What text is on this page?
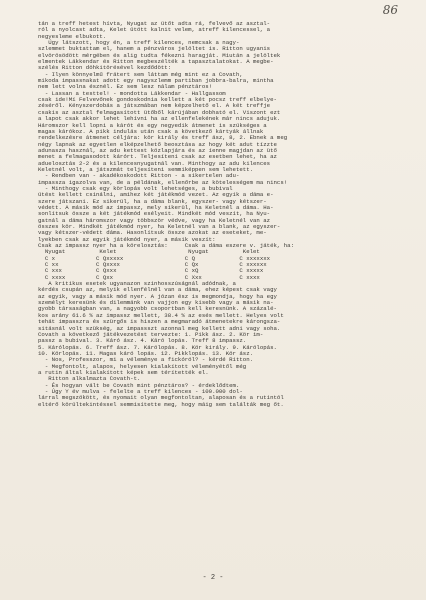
86
tán a treff hetest hívta, Nyugat az ütőt adta rá, felvevő az asztal-
ról a nyolcast adta, Kelet ütött kalnit velem, atreff kilencessel, a
negyesleme elbukott.
Úgy látszott, hogy én, a treff kilences, nemcsak a nagy-
szlemmet buktattam el, hanem a pénzváros jelöltet is. Ritton ugyanis
elvörösödött mérgében és alig tudta fékezni haragját. Miután a jelöltek
elmentek Lákkendar és Ritton megbeszélték a tapasztalatokat. A megbe-
szélés Ritton döhkitörésével kezdődött:
- Ilyen könnyelmű frátert sem láttam még mint ez a Covath,
mikoda impassnakat adott egy nagyszlemm partiban jobbra-balra, mintha
nem lett volna észnél. Ez sem lesz nálam pénztáros!
- Lassan a testtel! - mondotta Lákkendar - Hallgassom
csak ide!Mí Felvevőnek gondoskodnia kellett a két pocsz treff elbelye-
zéséről. Kényszerdobás a játszmában nem képzelhető el. A két treffje
csakis az asztal felmagasított ütőből kárújában dobható el. Viszont ezt
a lapot csak akkor lehet lehívni ha az ellenfelekének már nincs adujuk.
Háromszor kell lopni a kárót és egy negyedik átmenet is szükséges a
magas kárókoz. A pikk indulás után csak a következő kártyák állnak
rendelkezésre átmenet céljára: kör király és treff ász, 8, 2. Ebnek a meg
négy lapnak az egyetlen elképzelhető beosztása az hogy két adut tízzte
adunasza használ, az adu kettest közlapjára és az íenne magjdan az ütő
menet a felmagasodott kárórt. Teljesíteni csak az esetben lehet, ha az
aduelosztás 2-2 és a kilencesnyugatnál van. Minthogy az adu kilences
Keletnél volt, a játszmát teljesíteni semmiképpen sem lehetett.
- Rendben van - akadékoskodott Ritton - a sikertelen adu-
impassza igazolva van, de a példának, ellenőrbe az kötelességem ma nincs!
- Minthogy csak egy körlopás volt lehetséges, a bubival
ütést kellett csinálni, amihez két játékmód vezet. Az egyik a dáma e-
szere játszani. Ez sikerül, ha a dáma blank, egyszer- vagy kétszer-
védett. A másik mód az impassz, mely sikerül, ha Keletnél a dáma. Ha-
sonlítsuk össze a két játékmód esélyeit. Mindkét mód veszít, ha Nyu-
gatnál a dáma háromszor vagy többször védve, vagy ha Keletnél van az
összes kör. Mindkét játékmód nyer, ha Keletnél van a blank, az egyszer-
vagy kétszer-védett dáma. Hasonlítsuk össze azokat az eseteket, me-
lyekben csak az egyik játékmód nyer, a másik veszít:
Csak az impassz nyer ha a körelosztás:     Csak a dáma eszere v. játék, ha:
Nyugat          Kelet                     Nyugat          Kelet
C x            C Qxxxxx                  C Q             C xxxxxxx
C xx           C Qxxxx                   C Qx            C xxxxxx
C xxx          C Qxxx                    C xQ            C xxxxx
C xxxx         C Qxx                     C Xxx           C xxxx
A kritikus esetek ugyanazon szinhosszúságnál adódnak, a
kérdés csupán az, melyik ellenfélnél van a dáma, ehez képest csak vagy
az egyik, vagy a másik mód nyer. A józan ész is megmondja, hogy ha egy
személyt keresünk és dilemmánk van vajjon egy kisebb vagy a másik na-
gyobb társaságban van, a nagyobb csoportban kell keresnünk. A százalé-
kos arány 61.6 % az impassz mellett, 38.4 % az esés mellett. Helyes volt
tehát impasszra és szürgős is hiszen a megmaradó átmenetekre károngsza-
sitásnál volt szükség, az impassszt azonnal meg kellett adni vagy soha.
Covath a következő játékvezetést tervezte: 1. Pikk ász. 2. Kör im-
passz a bubival. 3. Káró ász. 4. Káró lopás. Treff 8 impassz.
5. Kárólopás. 6. Treff ász. 7. Kárólopás. 8. Kör király. 9. Kárólopás.
10. Körlopás. 11. Magas káró lopás. 12. Pikklopás. 13. Kör ász.
- Nos, Professzor, mi a véleménye a fickóról? - kérdé Ritton.
- Megfontolt, alapos, helyesen kialakított véleményétől még
a rutin által kialakított képek sem térítették el.
Ritton alkalmazta Covath-t.
- És hogyan vált be Covath mint pénztáros? - érdeklődtem.
- Úgy Y év mulva - felelte a treff kilences - 100.000 dol-
lárral megszökött, és nyomait olyan megfontoltan, alaposan és a rutintól
eltérő körültekintéssel semmisítette meg, hogy máig sem találták meg őt.

- 2 -
